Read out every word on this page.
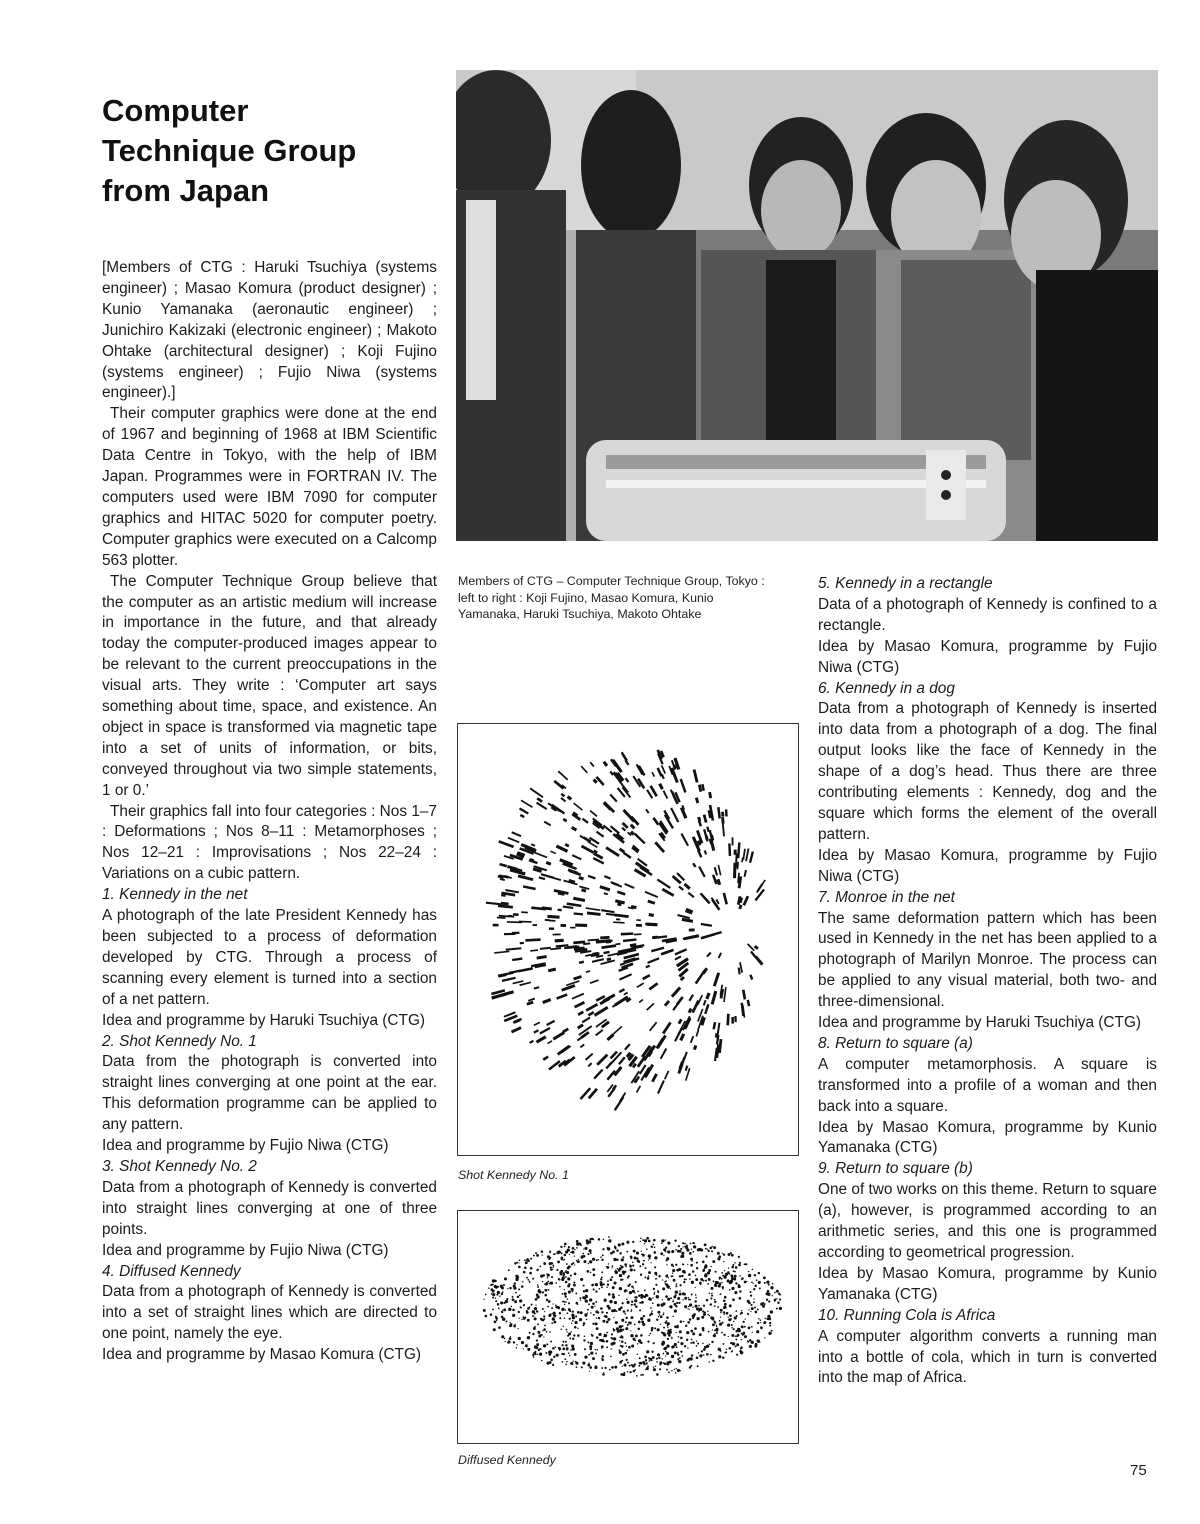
Computer
Technique Group
from Japan

[Members of CTG : Haruki Tsuchiya (systems engineer) ; Masao Komura (product designer) ; Kunio Yamanaka (aeronautic engineer) ; Junichiro Kakizaki (electronic engineer) ; Makoto Ohtake (architectural designer) ; Koji Fujino (systems engineer) ; Fujio Niwa (systems engineer).]

Their computer graphics were done at the end of 1967 and beginning of 1968 at IBM Scientific Data Centre in Tokyo, with the help of IBM Japan. Programmes were in FORTRAN IV. The computers used were IBM 7090 for computer graphics and HITAC 5020 for computer poetry. Computer graphics were executed on a Calcomp 563 plotter.

The Computer Technique Group believe that the computer as an artistic medium will increase in importance in the future, and that already today the computer-produced images appear to be relevant to the current preoccupations in the visual arts. They write : ‘Computer art says something about time, space, and existence. An object in space is transformed via magnetic tape into a set of units of information, or bits, conveyed throughout via two simple statements, 1 or 0.’

Their graphics fall into four categories : Nos 1–7 : Deformations ; Nos 8–11 : Metamorphoses ; Nos 12–21 : Improvisations ; Nos 22–24 : Variations on a cubic pattern.

1. Kennedy in the net

A photograph of the late President Kennedy has been subjected to a process of deformation developed by CTG. Through a process of scanning every element is turned into a section of a net pattern.

Idea and programme by Haruki Tsuchiya (CTG)

2. Shot Kennedy No. 1

Data from the photograph is converted into straight lines converging at one point at the ear. This deformation programme can be applied to any pattern.

Idea and programme by Fujio Niwa (CTG)

3. Shot Kennedy No. 2

Data from a photograph of Kennedy is converted into straight lines converging at one of three points.

Idea and programme by Fujio Niwa (CTG)

4. Diffused Kennedy

Data from a photograph of Kennedy is converted into a set of straight lines which are directed to one point, namely the eye.

Idea and programme by Masao Komura (CTG)

Members of CTG – Computer Technique Group, Tokyo :
left to right : Koji Fujino, Masao Komura, Kunio Yamanaka, Haruki Tsuchiya, Makoto Ohtake
Shot Kennedy No. 1
Diffused Kennedy

5. Kennedy in a rectangle

Data of a photograph of Kennedy is confined to a rectangle.

Idea by Masao Komura, programme by Fujio Niwa (CTG)

6. Kennedy in a dog

Data from a photograph of Kennedy is inserted into data from a photograph of a dog. The final output looks like the face of Kennedy in the shape of a dog’s head. Thus there are three contributing elements : Kennedy, dog and the square which forms the element of the overall pattern.

Idea by Masao Komura, programme by Fujio Niwa (CTG)

7. Monroe in the net

The same deformation pattern which has been used in Kennedy in the net has been applied to a photograph of Marilyn Monroe. The process can be applied to any visual material, both two- and three-dimensional.

Idea and programme by Haruki Tsuchiya (CTG)

8. Return to square (a)

A computer metamorphosis. A square is transformed into a profile of a woman and then back into a square.

Idea by Masao Komura, programme by Kunio Yamanaka (CTG)

9. Return to square (b)

One of two works on this theme. Return to square (a), however, is programmed according to an arithmetic series, and this one is programmed according to geometrical progression.

Idea by Masao Komura, programme by Kunio Yamanaka (CTG)

10. Running Cola is Africa

A computer algorithm converts a running man into a bottle of cola, which in turn is converted into the map of Africa.

75
